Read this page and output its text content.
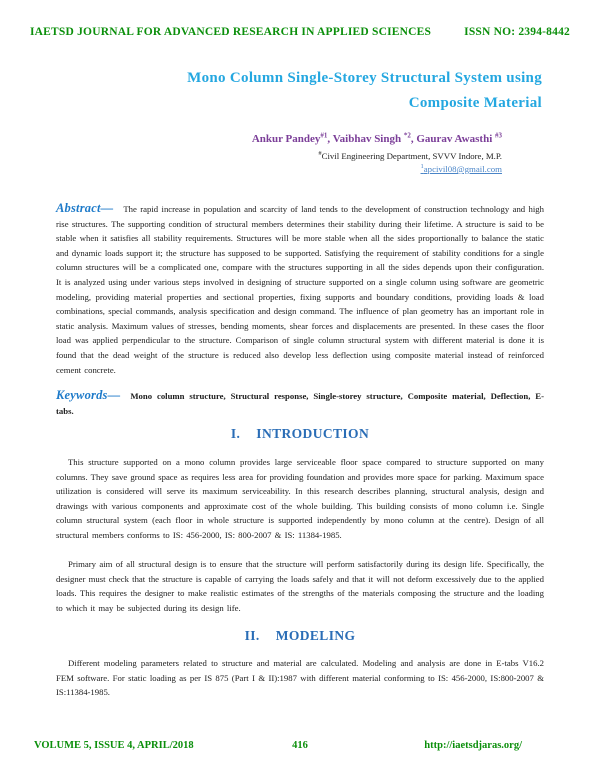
IAETSD JOURNAL FOR ADVANCED RESEARCH IN APPLIED SCIENCES	ISSN NO: 2394-8442
Mono Column Single-Storey Structural System using
Composite Material
Ankur Pandey$^{\#1}$, Vaibhav Singh $^{*2}$, Gaurav Awasthi $^{\#3}$
#Civil Engineering Department, SVVV Indore, M.P.
$^1$apcivil08@gmail.com
Abstract— The rapid increase in population and scarcity of land tends to the development of construction technology and high rise structures. The supporting condition of structural members determines their stability during their lifetime. A structure is said to be stable when it satisfies all stability requirements. Structures will be more stable when all the sides proportionally to balance the static and dynamic loads support it; the structure has supposed to be supported. Satisfying the requirement of stability conditions for a single column structures will be a complicated one, compare with the structures supporting in all the sides depends upon their configuration. It is analyzed using under various steps involved in designing of structure supported on a single column using software are geometric modeling, providing material properties and sectional properties, fixing supports and boundary conditions, providing loads & load combinations, special commands, analysis specification and design command. The influence of plan geometry has an important role in static analysis. Maximum values of stresses, bending moments, shear forces and displacements are presented. In these cases the floor load was applied perpendicular to the structure. Comparison of single column structural system with different material is done it is found that the dead weight of the structure is reduced also develop less deflection using composite material instead of reinforced cement concrete.
Keywords— Mono column structure, Structural response, Single-storey structure, Composite material, Deflection, E-tabs.
I. INTRODUCTION
This structure supported on a mono column provides large serviceable floor space compared to structure supported on many columns. They save ground space as requires less area for providing foundation and provides more space for parking. Maximum space utilization is considered will serve its maximum serviceability. In this research describes planning, structural analysis, design and drawings with various components and approximate cost of the whole building. This building consists of mono column i.e. Single column structural system (each floor in whole structure is supported independently by mono column at the centre). Design of all structural members conforms to IS: 456-2000, IS: 800-2007 & IS: 11384-1985.
Primary aim of all structural design is to ensure that the structure will perform satisfactorily during its design life. Specifically, the designer must check that the structure is capable of carrying the loads safely and that it will not deform excessively due to the applied loads. This requires the designer to make realistic estimates of the strengths of the materials composing the structure and the loading to which it may be subjected during its design life.
II. MODELING
Different modeling parameters related to structure and material are calculated. Modeling and analysis are done in E-tabs V16.2 FEM software. For static loading as per IS 875 (Part I & II):1987 with different material conforming to IS: 456-2000, IS:800-2007 & IS:11384-1985.
VOLUME 5, ISSUE 4, APRIL/2018	416	http://iaetsdjaras.org/
